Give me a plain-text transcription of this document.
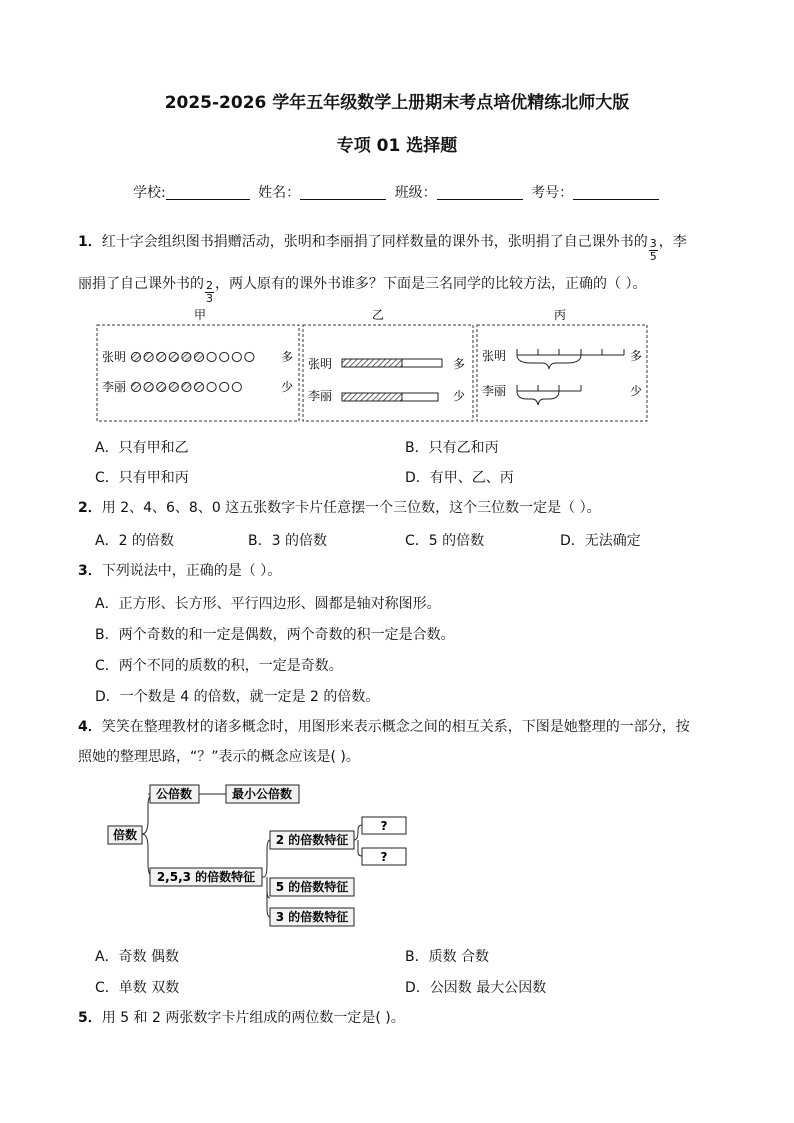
2025-2026 学年五年级数学上册期末考点培优精练北师大版
专项 01 选择题
学校:	姓名：	班级：	考号：
1．红十字会组织图书捐赠活动，张明和李丽捐了同样数量的课外书，张明捐了自己课外书的 $\frac{3}{5}$ ，李
丽捐了自己课外书的 $\frac{2}{3}$ ，两人原有的课外书谁多？下面是三名同学的比较方法，正确的（ ）。
甲	乙	丙
张明
李丽
多
少
张明
李丽
多
少
张明
李丽
多
少
A．只有甲和乙	B．只有乙和丙
C．只有甲和丙	D．有甲、乙、丙
2．用 2、4、6、8、0 这五张数字卡片任意摆一个三位数，这个三位数一定是（ ）。
A．2 的倍数	B．3 的倍数	C．5 的倍数	D．无法确定
3．下列说法中，正确的是（ ）。
A．正方形、长方形、平行四边形、圆都是轴对称图形。
B．两个奇数的和一定是偶数，两个奇数的积一定是合数。
C．两个不同的质数的积，一定是奇数。
D．一个数是 4 的倍数，就一定是 2 的倍数。
4．笑笑在整理教材的诸多概念时，用图形来表示概念之间的相互关系，下图是她整理的一部分，按
照她的整理思路，“？”表示的概念应该是( )。
倍数
公倍数	最小公倍数
2,5,3 的倍数特征
2 的倍数特征
5 的倍数特征
3 的倍数特征
?
?
A．奇数 偶数	B．质数 合数
C．单数 双数	D．公因数 最大公因数
5．用 5 和 2 两张数字卡片组成的两位数一定是( )。
